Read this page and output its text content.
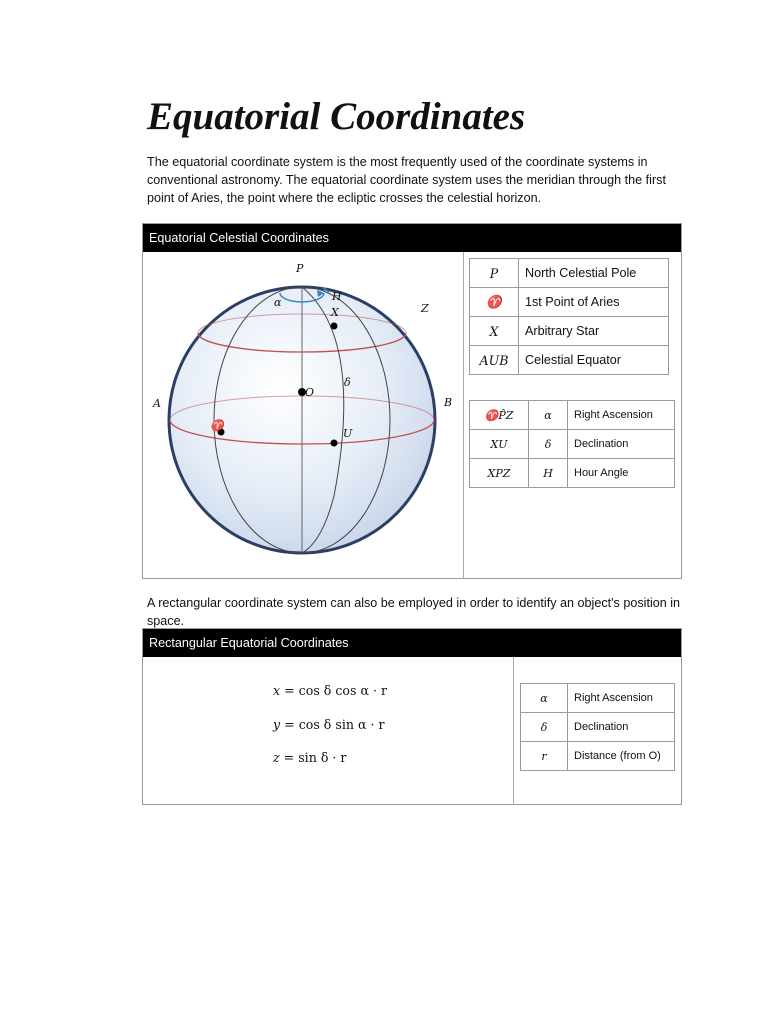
Equatorial Coordinates
The equatorial coordinate system is the most frequently used of the coordinate systems in conventional astronomy. The equatorial coordinate system uses the meridian through the first point of Aries, the point where the ecliptic crosses the celestial horizon.
Equatorial Celestial Coordinates
P
H
α
X	Z
O
δ
A	B
♈
U
P	North Celestial Pole
♈	1st Point of Aries
X	Arbitrary Star
AUB	Celestial Equator
♈P̂Z	α	Right Ascension
XU	δ	Declination
XPZ	H	Hour Angle
A rectangular coordinate system can also be employed in order to identify an object's position in space.
Rectangular Equatorial Coordinates
x = cos δ cos α · r
y = cos δ sin α · r
z = sin δ · r
α	Right Ascension
δ	Declination
r	Distance (from O)
